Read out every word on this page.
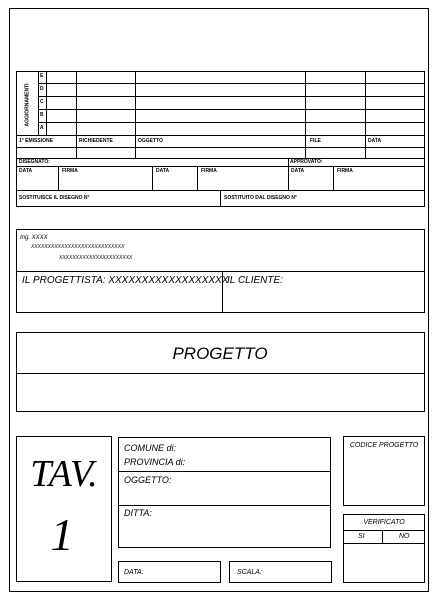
AGGIORNAMENTI
E
D
C
B
A
1° EMISSIONE	RICHIEDENTE	OGGETTO	FILE	DATA
DISEGNATO:	APPROVATO:
DATA	FIRMA	DATA	FIRMA	DATA	FIRMA
SOSTITUISCE IL DISEGNO N°	SOSTITUITO DAL DISEGNO N°
Ing. XXXX
XXXXXXXXXXXXXXXXXXXXXXXXXXXX
XXXXXXXXXXXXXXXXXXXXXX
IL PROGETTISTA: XXXXXXXXXXXXXXXXXX
IL CLIENTE:
PROGETTO
TAV.
1
COMUNE di:
PROVINCIA di:
OGGETTO:
DITTA:
CODICE PROGETTO
VERIFICATO
SI	NO
DATA:	SCALA:
